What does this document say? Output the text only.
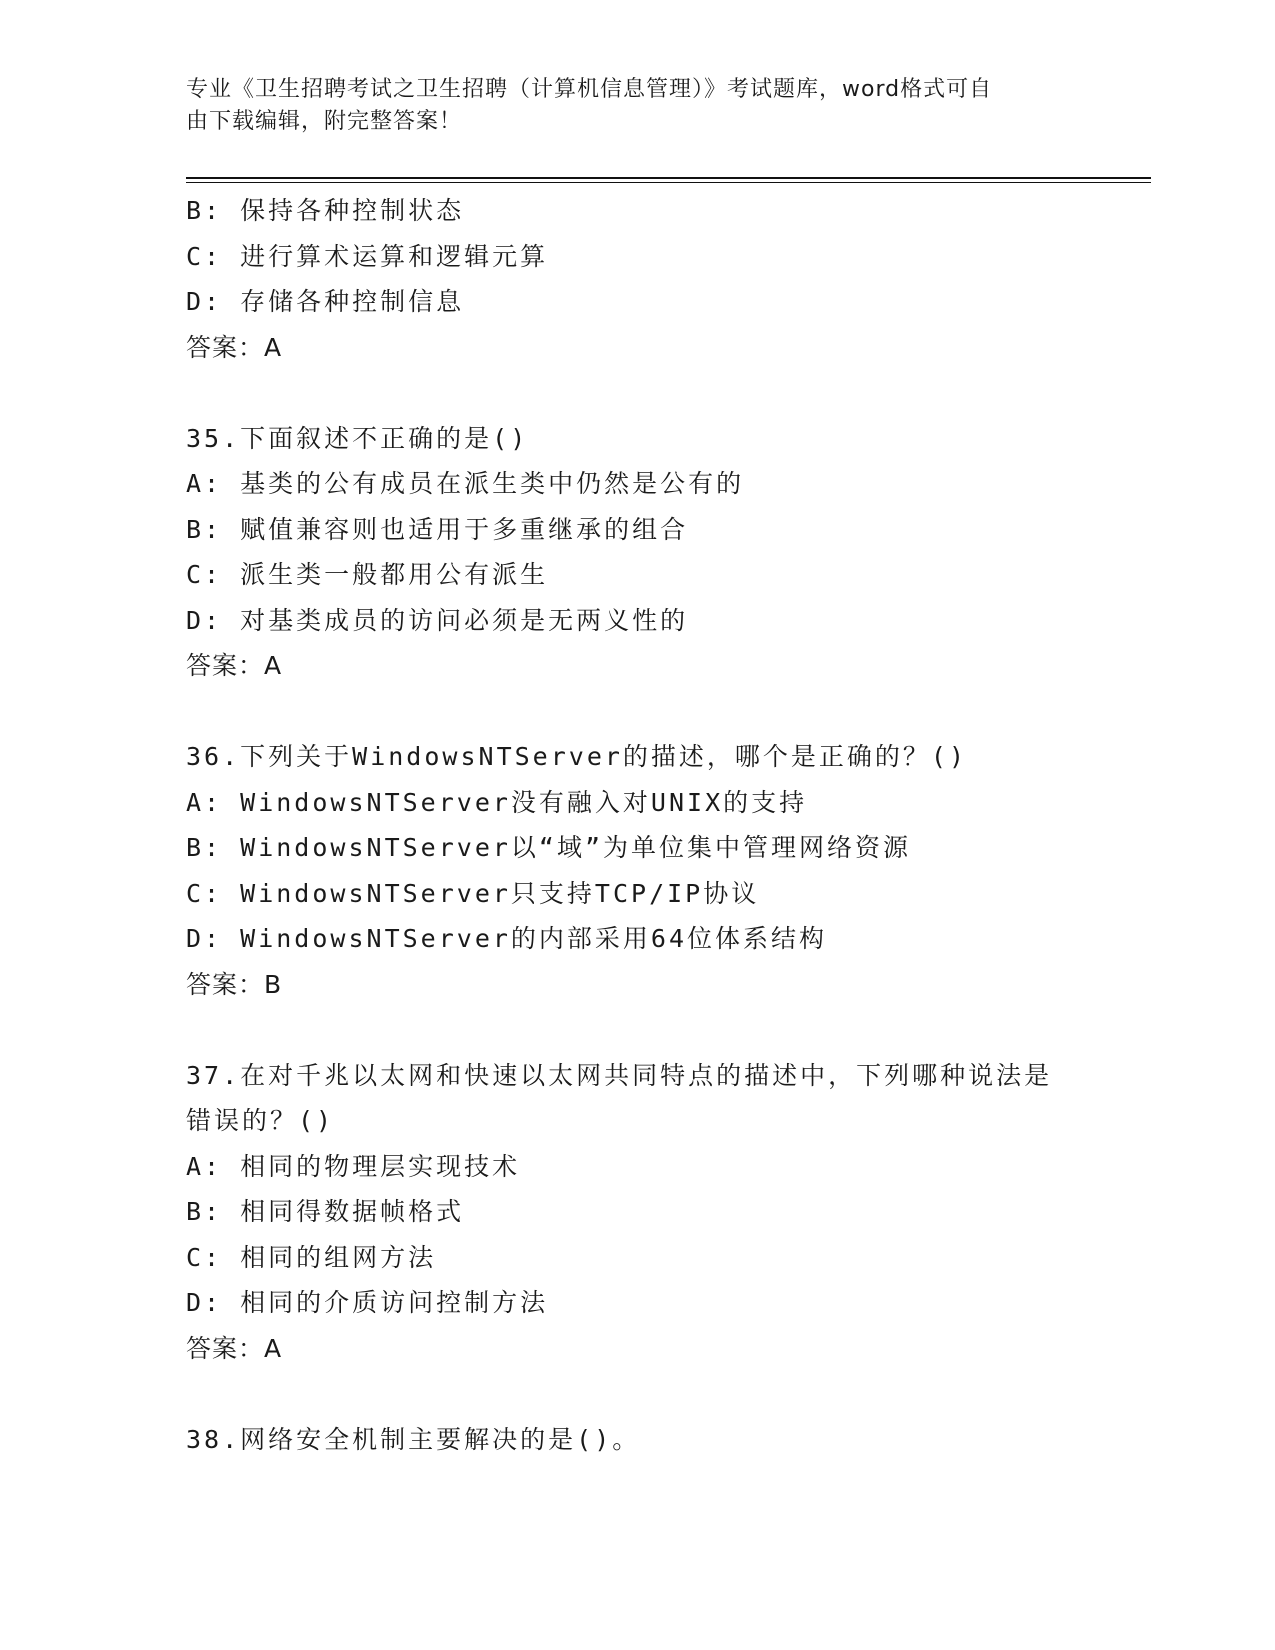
专业《卫生招聘考试之卫生招聘（计算机信息管理）》考试题库，word格式可自
由下载编辑，附完整答案！
B: 保持各种控制状态
C: 进行算术运算和逻辑元算
D: 存储各种控制信息
答案：A
35.下面叙述不正确的是()
A: 基类的公有成员在派生类中仍然是公有的
B: 赋值兼容则也适用于多重继承的组合
C: 派生类一般都用公有派生
D: 对基类成员的访问必须是无两义性的
答案：A
36.下列关于WindowsNTServer的描述，哪个是正确的？()
A: WindowsNTServer没有融入对UNIX的支持
B: WindowsNTServer以“域”为单位集中管理网络资源
C: WindowsNTServer只支持TCP/IP协议
D: WindowsNTServer的内部采用64位体系结构
答案：B
37.在对千兆以太网和快速以太网共同特点的描述中，下列哪种说法是
错误的？()
A: 相同的物理层实现技术
B: 相同得数据帧格式
C: 相同的组网方法
D: 相同的介质访问控制方法
答案：A
38.网络安全机制主要解决的是()。
